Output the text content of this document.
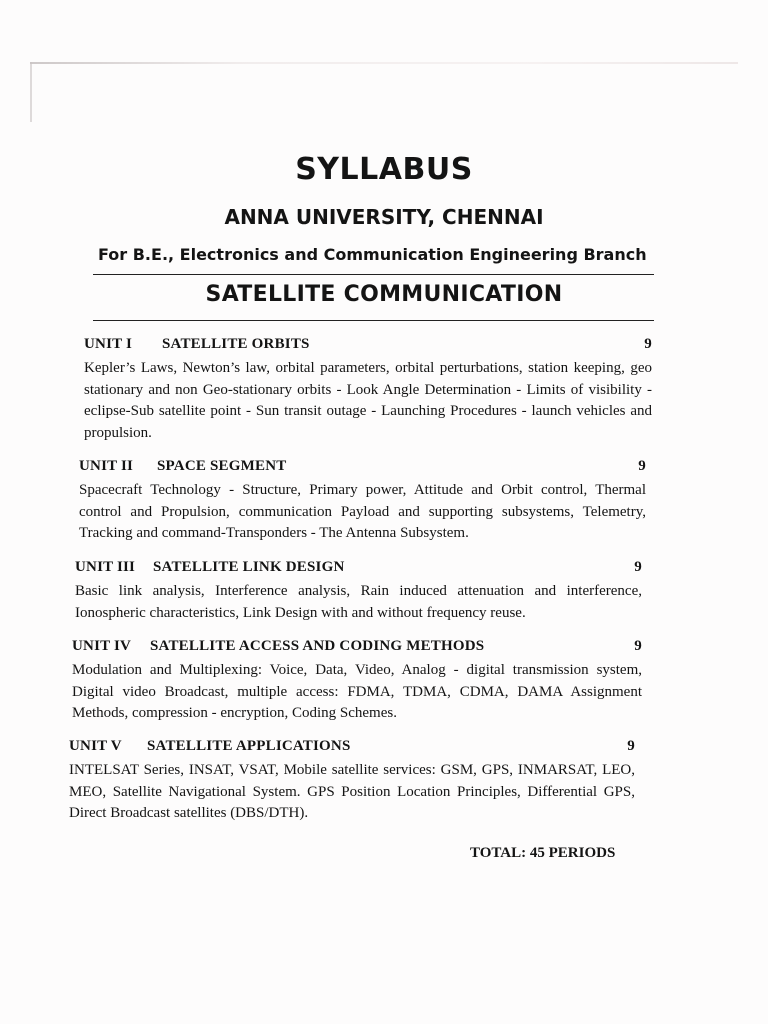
SYLLABUS
ANNA UNIVERSITY, CHENNAI
For B.E., Electronics and Communication Engineering Branch
SATELLITE COMMUNICATION
UNIT I SATELLITE ORBITS	9

Kepler’s Laws, Newton’s law, orbital parameters, orbital perturbations, station keeping, geo stationary and non Geo-stationary orbits - Look Angle Determination - Limits of visibility - eclipse-Sub satellite point - Sun transit outage - Launching Procedures - launch vehicles and propulsion.

UNIT II SPACE SEGMENT	9

Spacecraft Technology - Structure, Primary power, Attitude and Orbit control, Thermal control and Propulsion, communication Payload and supporting subsystems, Telemetry, Tracking and command-Transponders - The Antenna Subsystem.

UNIT III SATELLITE LINK DESIGN	9

Basic link analysis, Interference analysis, Rain induced attenuation and interference, Ionospheric characteristics, Link Design with and without frequency reuse.

UNIT IV SATELLITE ACCESS AND CODING METHODS	9

Modulation and Multiplexing: Voice, Data, Video, Analog - digital transmission system, Digital video Broadcast, multiple access: FDMA, TDMA, CDMA, DAMA Assignment Methods, compression - encryption, Coding Schemes.

UNIT V SATELLITE APPLICATIONS	9

INTELSAT Series, INSAT, VSAT, Mobile satellite services: GSM, GPS, INMARSAT, LEO, MEO, Satellite Navigational System. GPS Position Location Principles, Differential GPS, Direct Broadcast satellites (DBS/DTH).

TOTAL: 45 PERIODS
